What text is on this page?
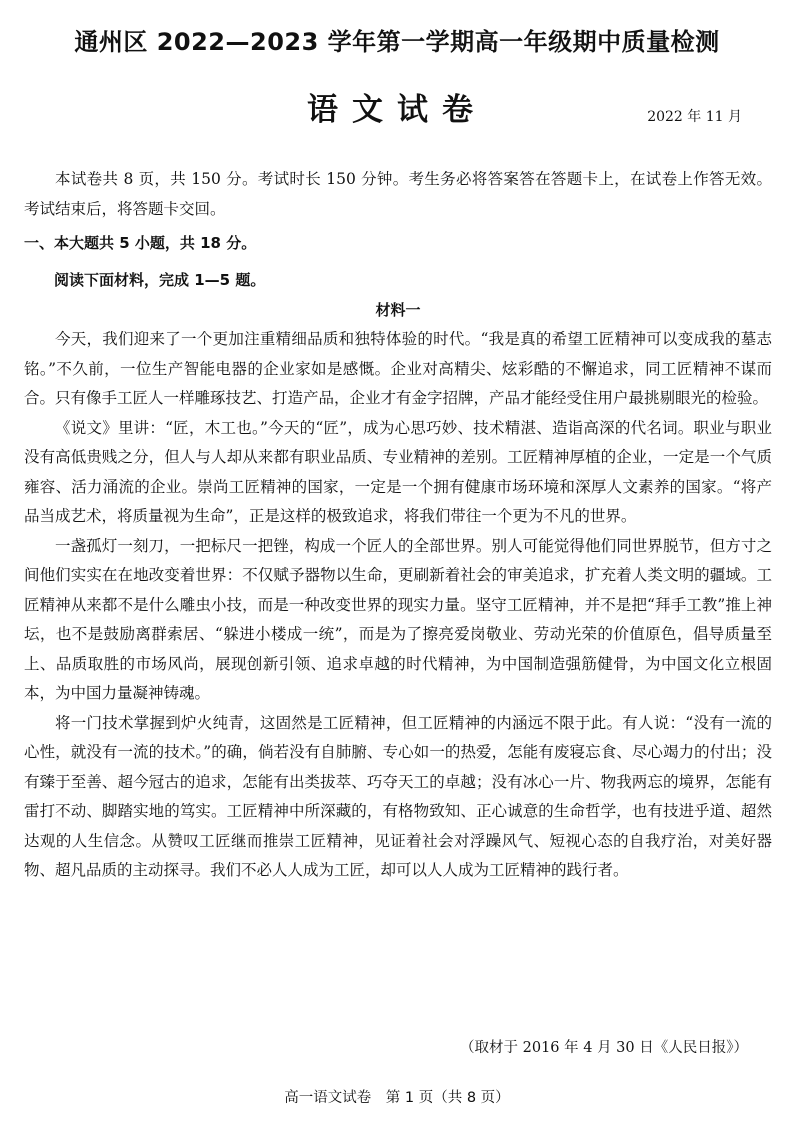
通州区 2022—2023 学年第一学期高一年级期中质量检测
语文试卷	2022 年 11 月

本试卷共 8 页，共 150 分。考试时长 150 分钟。考生务必将答案答在答题卡上，在试卷上作答无效。考试结束后，将答题卡交回。

一、本大题共 5 小题，共 18 分。

阅读下面材料，完成 1—5 题。

材料一

今天，我们迎来了一个更加注重精细品质和独特体验的时代。“我是真的希望工匠精神可以变成我的墓志铭。”不久前，一位生产智能电器的企业家如是感慨。企业对高精尖、炫彩酷的不懈追求，同工匠精神不谋而合。只有像手工匠人一样雕琢技艺、打造产品，企业才有金字招牌，产品才能经受住用户最挑剔眼光的检验。

《说文》里讲：“匠，木工也。”今天的“匠”，成为心思巧妙、技术精湛、造诣高深的代名词。职业与职业没有高低贵贱之分，但人与人却从来都有职业品质、专业精神的差别。工匠精神厚植的企业，一定是一个气质雍容、活力涌流的企业。崇尚工匠精神的国家，一定是一个拥有健康市场环境和深厚人文素养的国家。“将产品当成艺术，将质量视为生命”，正是这样的极致追求，将我们带往一个更为不凡的世界。

一盏孤灯一刻刀，一把标尺一把锉，构成一个匠人的全部世界。别人可能觉得他们同世界脱节，但方寸之间他们实实在在地改变着世界：不仅赋予器物以生命，更刷新着社会的审美追求，扩充着人类文明的疆域。工匠精神从来都不是什么雕虫小技，而是一种改变世界的现实力量。坚守工匠精神，并不是把“拜手工教”推上神坛，也不是鼓励离群索居、“躲进小楼成一统”，而是为了擦亮爱岗敬业、劳动光荣的价值原色，倡导质量至上、品质取胜的市场风尚，展现创新引领、追求卓越的时代精神，为中国制造强筋健骨，为中国文化立根固本，为中国力量凝神铸魂。

将一门技术掌握到炉火纯青，这固然是工匠精神，但工匠精神的内涵远不限于此。有人说：“没有一流的心性，就没有一流的技术。”的确，倘若没有自肺腑、专心如一的热爱，怎能有废寝忘食、尽心竭力的付出；没有臻于至善、超今冠古的追求，怎能有出类拔萃、巧夺天工的卓越；没有冰心一片、物我两忘的境界，怎能有雷打不动、脚踏实地的笃实。工匠精神中所深藏的，有格物致知、正心诚意的生命哲学，也有技进乎道、超然达观的人生信念。从赞叹工匠继而推崇工匠精神，见证着社会对浮躁风气、短视心态的自我疗治，对美好器物、超凡品质的主动探寻。我们不必人人成为工匠，却可以人人成为工匠精神的践行者。

（取材于 2016 年 4 月 30 日《人民日报》）

高一语文试卷　第 1 页（共 8 页）
